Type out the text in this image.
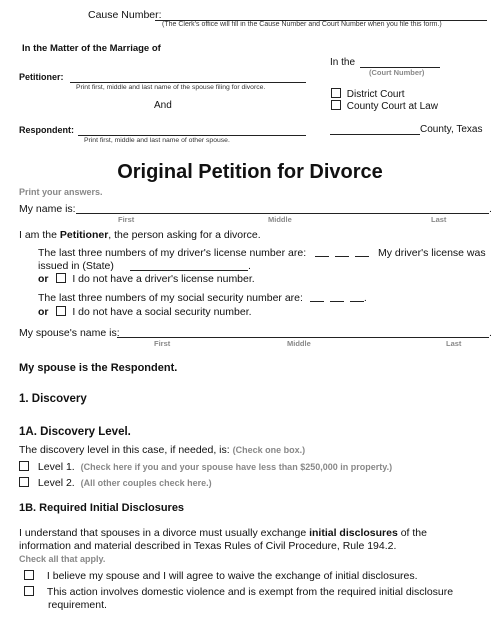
Cause Number:
(The Clerk's office will fill in the Cause Number and Court Number when you file this form.)
In the Matter of the Marriage of
Petitioner:
Print first, middle and last name of the spouse filing for divorce.
And
Respondent:
Print first, middle and last name of other spouse.
In the
(Court Number)
District Court
County Court at Law
County, Texas
Original Petition for Divorce
Print your answers.
My name is:	.
First	Middle	Last
I am the Petitioner, the person asking for a divorce.
The last three numbers of my driver's license number are:	My driver's license was
issued in (State)	.
or I do not have a driver's license number.
The last three numbers of my social security number are:	.
or I do not have a social security number.
My spouse's name is:	.
First	Middle	Last
My spouse is the Respondent.
1. Discovery
1A. Discovery Level.
The discovery level in this case, if needed, is: (Check one box.)
Level 1. (Check here if you and your spouse have less than $250,000 in property.)
Level 2. (All other couples check here.)
1B. Required Initial Disclosures
I understand that spouses in a divorce must usually exchange initial disclosures of the
information and material described in Texas Rules of Civil Procedure, Rule 194.2.
Check all that apply.
I believe my spouse and I will agree to waive the exchange of initial disclosures.
This action involves domestic violence and is exempt from the required initial disclosure
requirement.
